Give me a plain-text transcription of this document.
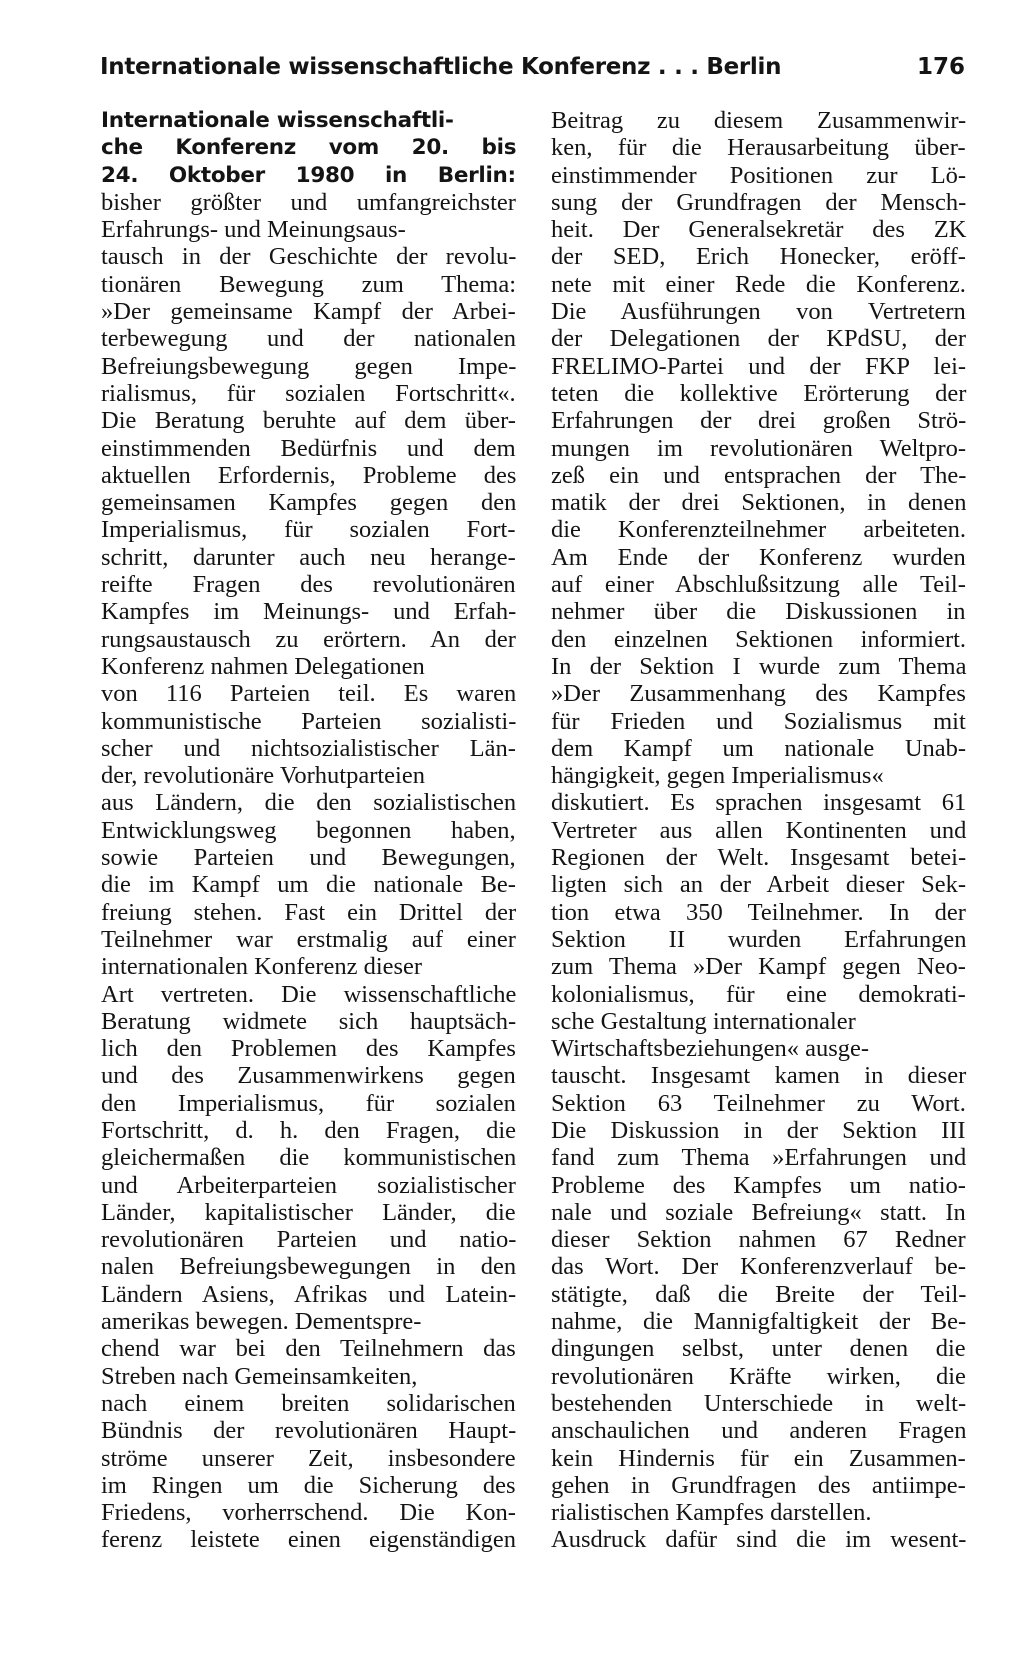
Internationale wissenschaftliche Konferenz . . . Berlin	176
Internationale wissenschaftli-
che Konferenz vom 20. bis
24. Oktober 1980 in Berlin:
bisher größter und umfangreichster
Erfahrungs- und Meinungsaus-
tausch in der Geschichte der revolu-
tionären Bewegung zum Thema:
»Der gemeinsame Kampf der Arbei-
terbewegung und der nationalen
Befreiungsbewegung gegen Impe-
rialismus, für sozialen Fortschritt«.
Die Beratung beruhte auf dem über-
einstimmenden Bedürfnis und dem
aktuellen Erfordernis, Probleme des
gemeinsamen Kampfes gegen den
Imperialismus, für sozialen Fort-
schritt, darunter auch neu herange-
reifte Fragen des revolutionären
Kampfes im Meinungs- und Erfah-
rungsaustausch zu erörtern. An der
Konferenz nahmen Delegationen
von 116 Parteien teil. Es waren
kommunistische Parteien sozialisti-
scher und nichtsozialistischer Län-
der, revolutionäre Vorhutparteien
aus Ländern, die den sozialistischen
Entwicklungsweg begonnen haben,
sowie Parteien und Bewegungen,
die im Kampf um die nationale Be-
freiung stehen. Fast ein Drittel der
Teilnehmer war erstmalig auf einer
internationalen Konferenz dieser
Art vertreten. Die wissenschaftliche
Beratung widmete sich hauptsäch-
lich den Problemen des Kampfes
und des Zusammenwirkens gegen
den Imperialismus, für sozialen
Fortschritt, d. h. den Fragen, die
gleichermaßen die kommunistischen
und Arbeiterparteien sozialistischer
Länder, kapitalistischer Länder, die
revolutionären Parteien und natio-
nalen Befreiungsbewegungen in den
Ländern Asiens, Afrikas und Latein-
amerikas bewegen. Dementspre-
chend war bei den Teilnehmern das
Streben nach Gemeinsamkeiten,
nach einem breiten solidarischen
Bündnis der revolutionären Haupt-
ströme unserer Zeit, insbesondere
im Ringen um die Sicherung des
Friedens, vorherrschend. Die Kon-
ferenz leistete einen eigenständigen
Beitrag zu diesem Zusammenwir-
ken, für die Herausarbeitung über-
einstimmender Positionen zur Lö-
sung der Grundfragen der Mensch-
heit. Der Generalsekretär des ZK
der SED, Erich Honecker, eröff-
nete mit einer Rede die Konferenz.
Die Ausführungen von Vertretern
der Delegationen der KPdSU, der
FRELIMO-Partei und der FKP lei-
teten die kollektive Erörterung der
Erfahrungen der drei großen Strö-
mungen im revolutionären Weltpro-
zeß ein und entsprachen der The-
matik der drei Sektionen, in denen
die Konferenzteilnehmer arbeiteten.
Am Ende der Konferenz wurden
auf einer Abschlußsitzung alle Teil-
nehmer über die Diskussionen in
den einzelnen Sektionen informiert.
In der Sektion I wurde zum Thema
»Der Zusammenhang des Kampfes
für Frieden und Sozialismus mit
dem Kampf um nationale Unab-
hängigkeit, gegen Imperialismus«
diskutiert. Es sprachen insgesamt 61
Vertreter aus allen Kontinenten und
Regionen der Welt. Insgesamt betei-
ligten sich an der Arbeit dieser Sek-
tion etwa 350 Teilnehmer. In der
Sektion II wurden Erfahrungen
zum Thema »Der Kampf gegen Neo-
kolonialismus, für eine demokrati-
sche Gestaltung internationaler
Wirtschaftsbeziehungen« ausge-
tauscht. Insgesamt kamen in dieser
Sektion 63 Teilnehmer zu Wort.
Die Diskussion in der Sektion III
fand zum Thema »Erfahrungen und
Probleme des Kampfes um natio-
nale und soziale Befreiung« statt. In
dieser Sektion nahmen 67 Redner
das Wort. Der Konferenzverlauf be-
stätigte, daß die Breite der Teil-
nahme, die Mannigfaltigkeit der Be-
dingungen selbst, unter denen die
revolutionären Kräfte wirken, die
bestehenden Unterschiede in welt-
anschaulichen und anderen Fragen
kein Hindernis für ein Zusammen-
gehen in Grundfragen des antiimpe-
rialistischen Kampfes darstellen.
Ausdruck dafür sind die im wesent-
